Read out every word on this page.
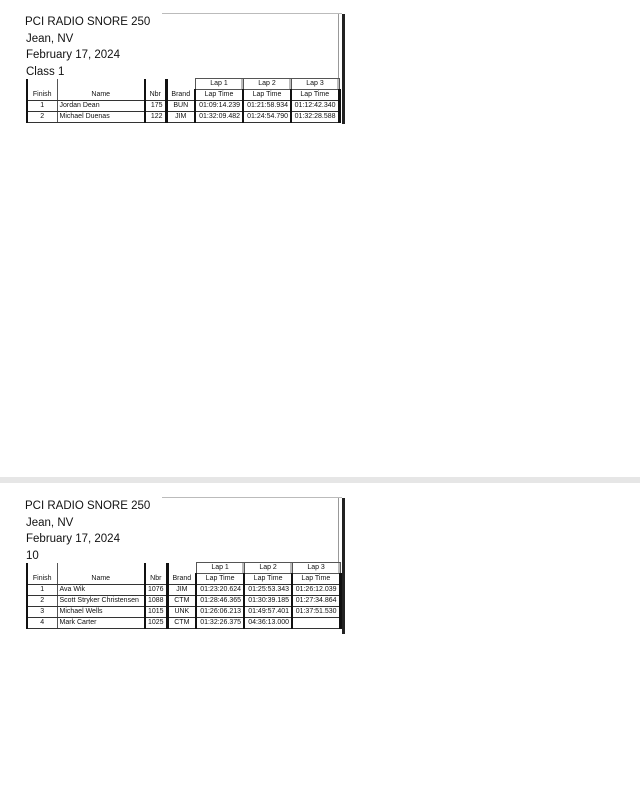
PCI RADIO SNORE 250
Jean, NV
February 17, 2024
Class 1
				Lap 1	Lap 2	Lap 3
Finish	Name	Nbr	Brand	Lap Time	Lap Time	Lap Time
1	Jordan Dean	175	BUN	01:09:14.239	01:21:58.934	01:12:42.340
2	Michael Duenas	122	JIM	01:32:09.482	01:24:54.790	01:32:28.588
PCI RADIO SNORE 250
Jean, NV
February 17, 2024
10
				Lap 1	Lap 2	Lap 3
Finish	Name	Nbr	Brand	Lap Time	Lap Time	Lap Time
1	Ava Wik	1076	JIM	01:23:20.624	01:25:53.343	01:26:12.039
2	Scott Stryker Christensen	1088	CTM	01:28:46.365	01:30:39.185	01:27:34.864
3	Michael Wells	1015	UNK	01:26:06.213	01:49:57.401	01:37:51.530
4	Mark Carter	1025	CTM	01:32:26.375	04:36:13.000	
